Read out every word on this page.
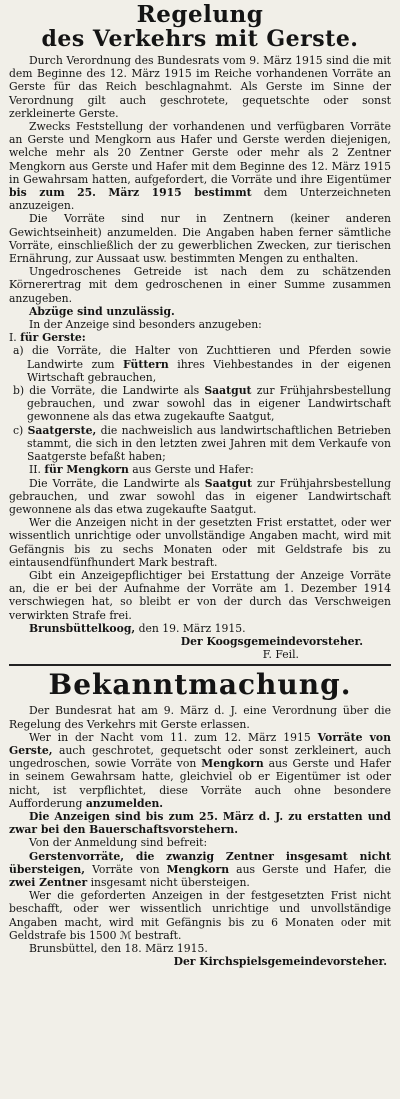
Regelung
des Verkehrs mit Gerste.

Durch Verordnung des Bundesrats vom 9. März 1915 sind die mit dem Beginne des 12. März 1915 im Reiche vorhandenen Vorräte an Gerste für das Reich beschlagnahmt. Als Gerste im Sinne der Verordnung gilt auch geschrotete, gequetschte oder sonst zerkleinerte Gerste.

Zwecks Feststellung der vorhandenen und verfügbaren Vorräte an Gerste und Mengkorn aus Hafer und Gerste werden diejenigen, welche mehr als 20 Zentner Gerste oder mehr als 2 Zentner Mengkorn aus Gerste und Hafer mit dem Beginne des 12. März 1915 in Gewahrsam hatten, aufgefordert, die Vorräte und ihre Eigentümer bis zum 25. März 1915 bestimmt dem Unterzeichneten anzuzeigen.

Die Vorräte sind nur in Zentnern (keiner anderen Gewichtseinheit) anzumelden. Die Angaben haben ferner sämtliche Vorräte, einschließlich der zu gewerblichen Zwecken, zur tierischen Ernährung, zur Aussaat usw. bestimmten Mengen zu enthalten.

Ungedroschenes Getreide ist nach dem zu schätzenden Körnerertrag mit dem gedroschenen in einer Summe zusammen anzugeben.

Abzüge sind unzulässig.

In der Anzeige sind besonders anzugeben:

I. für Gerste:

a) die Vorräte, die Halter von Zuchttieren und Pferden sowie Landwirte zum Füttern ihres Viehbestandes in der eigenen Wirtschaft gebrauchen,

b) die Vorräte, die Landwirte als Saatgut zur Frühjahrsbestellung gebrauchen, und zwar sowohl das in eigener Landwirtschaft gewonnene als das etwa zugekaufte Saatgut,

c) Saatgerste, die nachweislich aus landwirtschaftlichen Betrieben stammt, die sich in den letzten zwei Jahren mit dem Verkaufe von Saatgerste befaßt haben;

II. für Mengkorn aus Gerste und Hafer:

Die Vorräte, die Landwirte als Saatgut zur Frühjahrsbestellung gebrauchen, und zwar sowohl das in eigener Landwirtschaft gewonnene als das etwa zugekaufte Saatgut.

Wer die Anzeigen nicht in der gesetzten Frist erstattet, oder wer wissentlich unrichtige oder unvollständige Angaben macht, wird mit Gefängnis bis zu sechs Monaten oder mit Geldstrafe bis zu eintausendfünfhundert Mark bestraft.

Gibt ein Anzeigepflichtiger bei Erstattung der Anzeige Vorräte an, die er bei der Aufnahme der Vorräte am 1. Dezember 1914 verschwiegen hat, so bleibt er von der durch das Verschweigen verwirkten Strafe frei.

Brunsbüttelkoog, den 19. März 1915.

Der Koogsgemeindevorsteher.

F. Feil.

Bekanntmachung.

Der Bundesrat hat am 9. März d. J. eine Verordnung über die Regelung des Verkehrs mit Gerste erlassen.

Wer in der Nacht vom 11. zum 12. März 1915 Vorräte von Gerste, auch geschrotet, gequetscht oder sonst zerkleinert, auch ungedroschen, sowie Vorräte von Mengkorn aus Gerste und Hafer in seinem Gewahrsam hatte, gleichviel ob er Eigentümer ist oder nicht, ist verpflichtet, diese Vorräte auch ohne besondere Aufforderung anzumelden.

Die Anzeigen sind bis zum 25. März d. J. zu erstatten und zwar bei den Bauerschaftsvorstehern.

Von der Anmeldung sind befreit:

Gerstenvorräte, die zwanzig Zentner insgesamt nicht übersteigen, Vorräte von Mengkorn aus Gerste und Hafer, die zwei Zentner insgesamt nicht übersteigen.

Wer die geforderten Anzeigen in der festgesetzten Frist nicht beschafft, oder wer wissentlich unrichtige und unvollständige Angaben macht, wird mit Gefängnis bis zu 6 Monaten oder mit Geldstrafe bis 1500 ℳ bestraft.

Brunsbüttel, den 18. März 1915.

Der Kirchspielsgemeindevorsteher.
